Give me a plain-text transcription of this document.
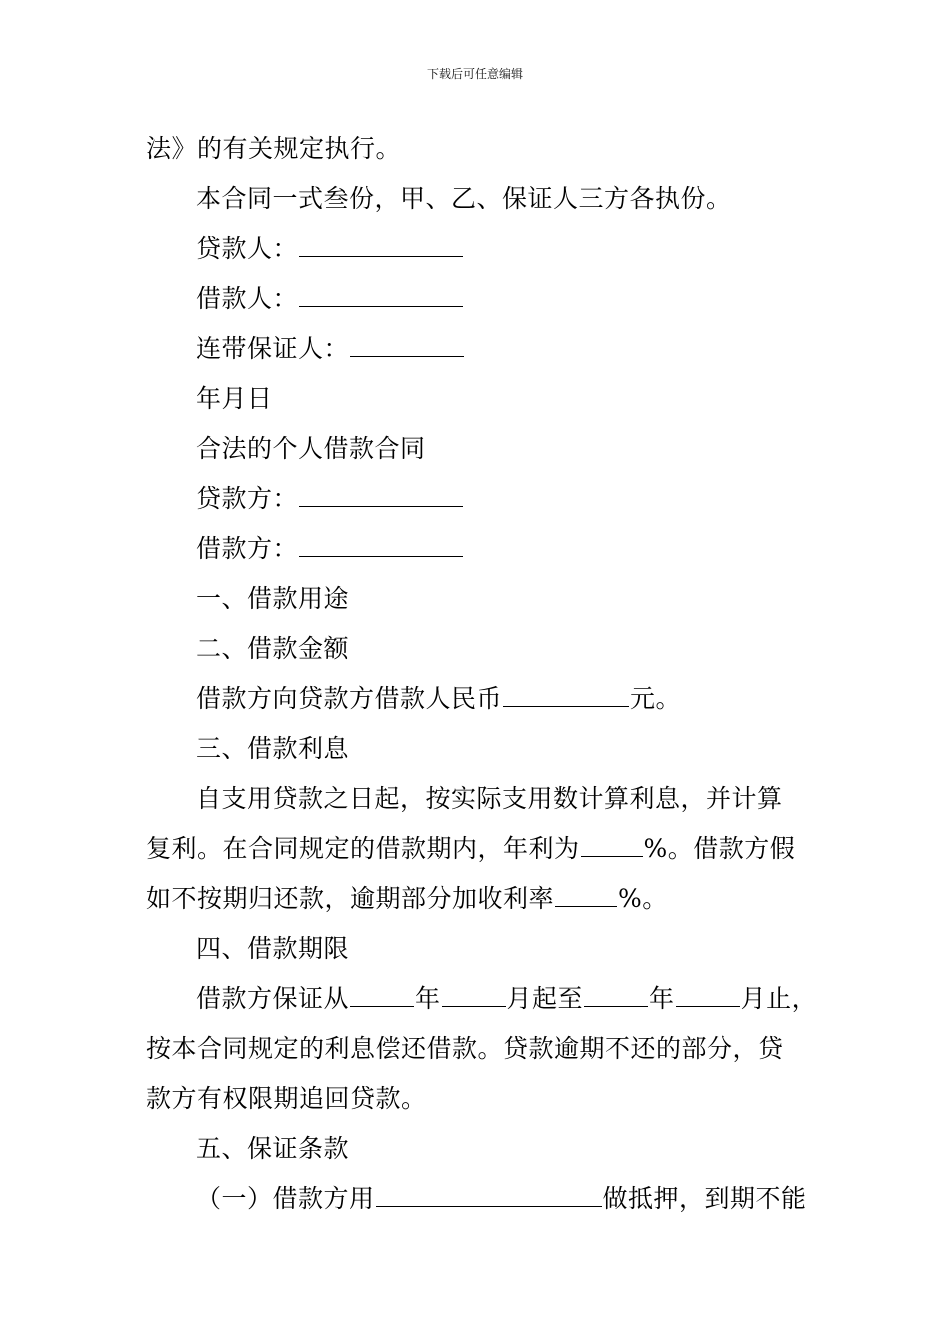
下载后可任意编辑
法》的有关规定执行。
本合同一式叁份，甲、乙、保证人三方各执份。
贷款人：
借款人：
连带保证人：
年月日
合法的个人借款合同
贷款方：
借款方：
一、借款用途
二、借款金额
借款方向贷款方借款人民币	元。
三、借款利息
自支用贷款之日起，按实际支用数计算利息，并计算
复利。在合同规定的借款期内，年利为	%。借款方假
如不按期归还款，逾期部分加收利率	%。
四、借款期限
借款方保证从	年	月起至	年	月止，
按本合同规定的利息偿还借款。贷款逾期不还的部分，贷
款方有权限期追回贷款。
五、保证条款
（一）借款方用	做抵押，到期不能
